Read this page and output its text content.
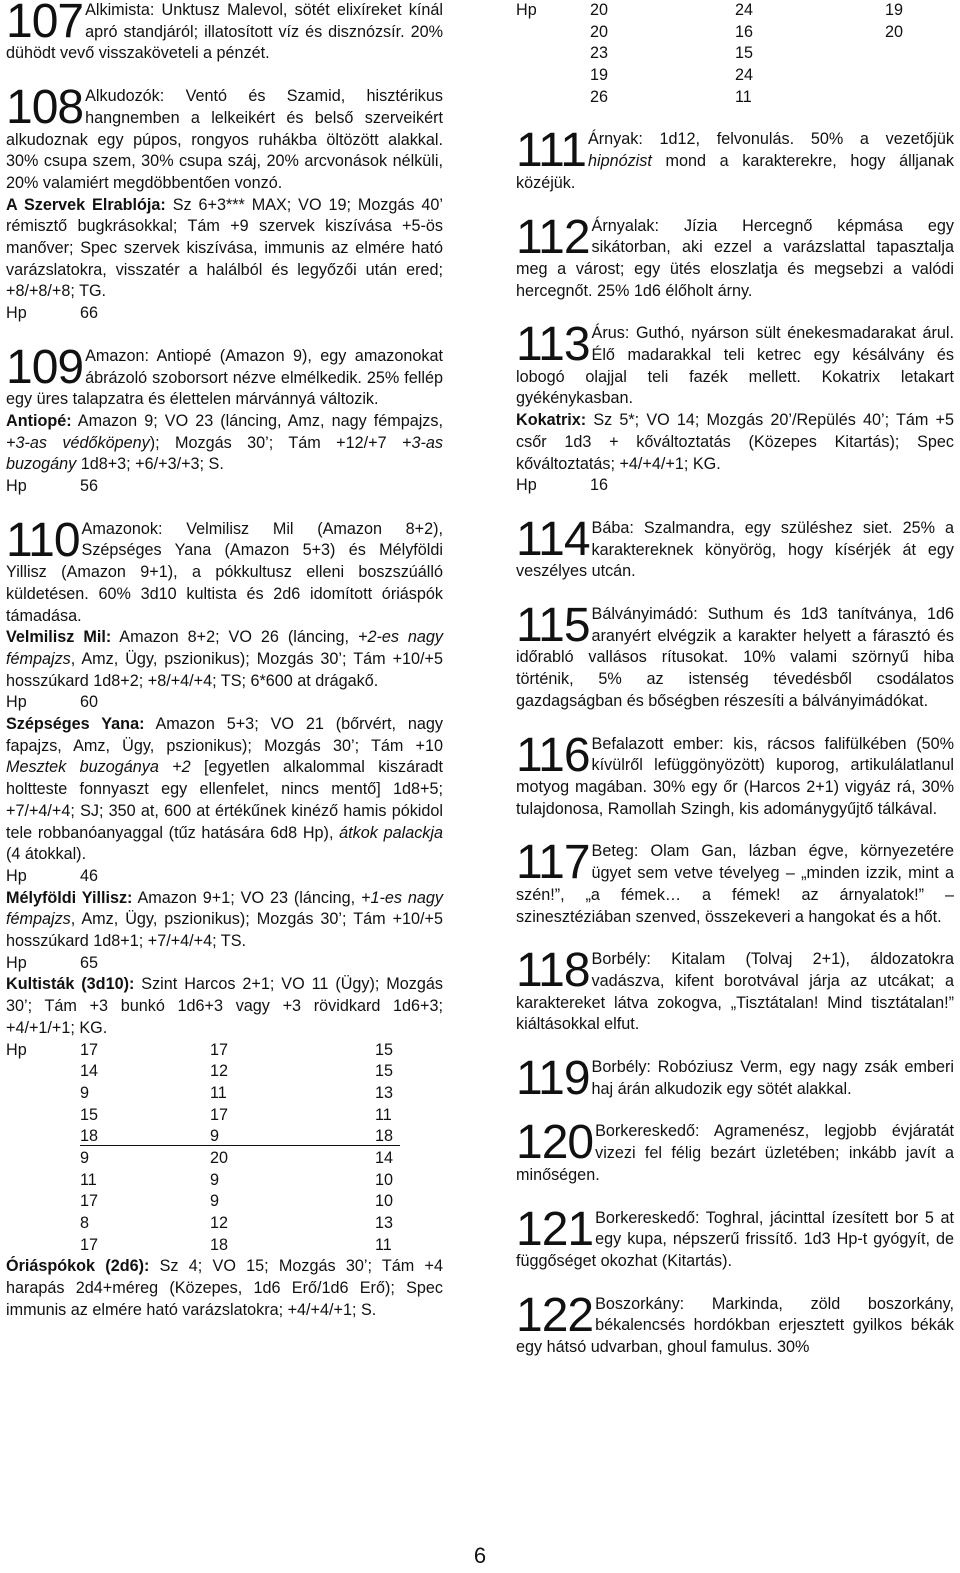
107 Alkimista: Unktusz Malevol, sötét elixíreket kínál apró standjáról; illatosított víz és disznózsír. 20% dühödt vevő visszaköveteli a pénzét.
108 Alkudozók: Ventó és Szamid, hisztérikus hangnemben a lelkeikért és belső szerveikért alkudoznak egy púpos, rongyos ruhákba öltözött alakkal. 30% csupa szem, 30% csupa száj, 20% arcvonások nélküli, 20% valamiért megdöbbentően vonzó.
A Szervek Elrablója: Sz 6+3*** MAX; VO 19; Mozgás 40’ rémisztő bugkrásokkal; Tám +9 szervek kiszívása +5-ös manőver; Spec szervek kiszívása, immunis az elmére ható varázslatokra, visszatér a halálból és legyőzői után ered; +8/+8/+8; TG.
Hp	66
109 Amazon: Antiopé (Amazon 9), egy amazonokat ábrázoló szoborsort nézve elmélkedik. 25% fellép egy üres talapzatra és élettelen márvánnyá változik.
Antiopé: Amazon 9; VO 23 (láncing, Amz, nagy fémpajzs, +3-as védőköpeny); Mozgás 30’; Tám +12/+7 +3-as buzogány 1d8+3; +6/+3/+3; S.
Hp	56
110 Amazonok: Velmilisz Mil (Amazon 8+2), Szépséges Yana (Amazon 5+3) és Mélyföldi Yillisz (Amazon 9+1), a pókkultusz elleni boszszúálló küldetésen. 60% 3d10 kultista és 2d6 idomított óriáspók támadása.
Velmilisz Mil: Amazon 8+2; VO 26 (láncing, +2-es nagy fémpajzs, Amz, Ügy, pszionikus); Mozgás 30’; Tám +10/+5 hosszúkard 1d8+2; +8/+4/+4; TS; 6*600 at drágakő.
Hp	60
Szépséges Yana: Amazon 5+3; VO 21 (bőrvért, nagy fapajzs, Amz, Ügy, pszionikus); Mozgás 30’; Tám +10 Mesztek buzogánya +2 [egyetlen alkalommal kiszáradt holtteste fonnyaszt egy ellenfelet, nincs mentő] 1d8+5; +7/+4/+4; SJ; 350 at, 600 at értékűnek kinéző hamis pókidol tele robbanóanyaggal (tűz hatására 6d8 Hp), átkok palackja (4 átokkal).
Hp	46
Mélyföldi Yillisz: Amazon 9+1; VO 23 (láncing, +1-es nagy fémpajzs, Amz, Ügy, pszionikus); Mozgás 30’; Tám +10/+5 hosszúkard 1d8+1; +7/+4/+4; TS.
Hp	65
Kultisták (3d10): Szint Harcos 2+1; VO 11 (Ügy); Mozgás 30’; Tám +3 bunkó 1d6+3 vagy +3 rövidkard 1d6+3; +4/+1/+1; KG.
Hp	17	17	15
14	12	15
9	11	13
15	17	11
18	9	18
9	20	14
11	9	10
17	9	10
8	12	13
17	18	11
Óriáspókok (2d6): Sz 4; VO 15; Mozgás 30’; Tám +4 harapás 2d4+méreg (Közepes, 1d6 Erő/1d6 Erő); Spec immunis az elmére ható varázslatokra; +4/+4/+1; S.
Hp	20	24	19
20	16	20
23	15
19	24
26	11
111 Árnyak: 1d12, felvonulás. 50% a vezetőjük hipnózist mond a karakterekre, hogy álljanak közéjük.
112 Árnyalak: Jízia Hercegnő képmása egy sikátorban, aki ezzel a varázslattal tapasztalja meg a várost; egy ütés eloszlatja és megsebzi a valódi hercegnőt. 25% 1d6 élőholt árny.
113 Árus: Guthó, nyárson sült énekesmadarakat árul. Élő madarakkal teli ketrec egy késálvány és lobogó olajjal teli fazék mellett. Kokatrix letakart gyékénykasban.
Kokatrix: Sz 5*; VO 14; Mozgás 20’/Repülés 40’; Tám +5 csőr 1d3 + kőváltoztatás (Közepes Kitartás); Spec kőváltoztatás; +4/+4/+1; KG.
Hp	16
114 Bába: Szalmandra, egy szüléshez siet. 25% a karaktereknek könyörög, hogy kísérjék át egy veszélyes utcán.
115 Bálványimádó: Suthum és 1d3 tanítványa, 1d6 aranyért elvégzik a karakter helyett a fárasztó és időrabló vallásos rítusokat. 10% valami szörnyű hiba történik, 5% az istenség tévedésből csodálatos gazdagságban és bőségben részesíti a bálványimádókat.
116 Befalazott ember: kis, rácsos falifülkében (50% kívülről lefüggönyözött) kuporog, artikulálatlanul motyog magában. 30% egy őr (Harcos 2+1) vigyáz rá, 30% tulajdonosa, Ramollah Szingh, kis adománygyűjtő tálkával.
117 Beteg: Olam Gan, lázban égve, környezetére ügyet sem vetve tévelyeg – „minden izzik, mint a szén!”, „a fémek… a fémek! az árnyalatok!” – szinesztéziában szenved, összekeveri a hangokat és a hőt.
118 Borbély: Kitalam (Tolvaj 2+1), áldozatokra vadászva, kifent borotvával járja az utcákat; a karaktereket látva zokogva, „Tisztátalan! Mind tisztátalan!” kiáltásokkal elfut.
119 Borbély: Robóziusz Verm, egy nagy zsák emberi haj árán alkudozik egy sötét alakkal.
120 Borkereskedő: Agramenész, legjobb évjáratát vizezi fel félig bezárt üzletében; inkább javít a minőségen.
121 Borkereskedő: Toghral, jácinttal ízesített bor 5 at egy kupa, népszerű frissítő. 1d3 Hp-t gyógyít, de függőséget okozhat (Kitartás).
122 Boszorkány: Markinda, zöld boszorkány, békalencsés hordókban erjesztett gyilkos békák egy hátsó udvarban, ghoul famulus. 30%
6
